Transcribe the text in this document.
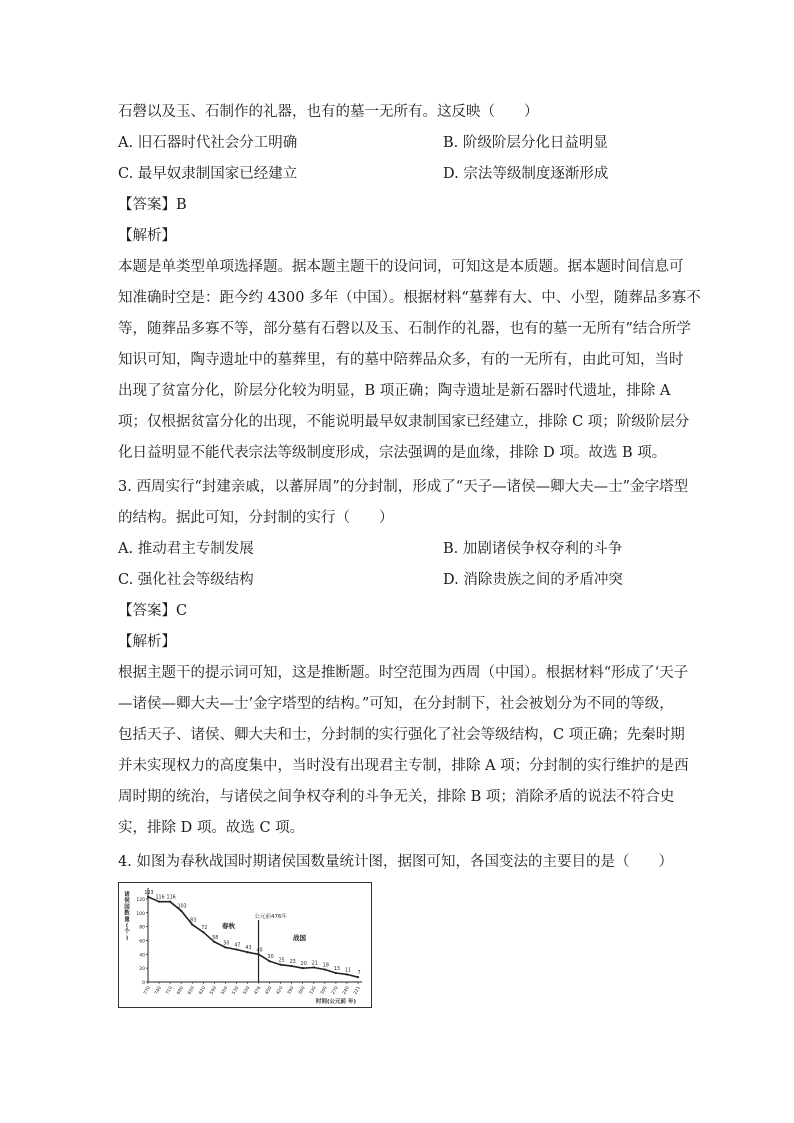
石磬以及玉、石制作的礼器，也有的墓一无所有。这反映（　　）
A. 旧石器时代社会分工明确	B. 阶级阶层分化日益明显
C. 最早奴隶制国家已经建立	D. 宗法等级制度逐渐形成
【答案】B
【解析】
本题是单类型单项选择题。据本题主题干的设问词，可知这是本质题。据本题时间信息可
知准确时空是：距今约 4300 多年（中国）。根据材料“墓葬有大、中、小型，随葬品多寡不
等，随葬品多寡不等，部分墓有石磬以及玉、石制作的礼器，也有的墓一无所有”结合所学
知识可知，陶寺遗址中的墓葬里，有的墓中陪葬品众多，有的一无所有，由此可知，当时
出现了贫富分化，阶层分化较为明显，B 项正确；陶寺遗址是新石器时代遗址，排除 A
项；仅根据贫富分化的出现，不能说明最早奴隶制国家已经建立，排除 C 项；阶级阶层分
化日益明显不能代表宗法等级制度形成，宗法强调的是血缘，排除 D 项。故选 B 项。
3. 西周实行“封建亲戚，以蕃屏周”的分封制，形成了“天子—诸侯—卿大夫—士”金字塔型
的结构。据此可知，分封制的实行（　　）
A. 推动君主专制发展	B. 加剧诸侯争权夺利的斗争
C. 强化社会等级结构	D. 消除贵族之间的矛盾冲突
【答案】C
【解析】
根据主题干的提示词可知，这是推断题。时空范围为西周（中国）。根据材料“形成了‘天子
—诸侯—卿大夫—士’金字塔型的结构。”可知，在分封制下，社会被划分为不同的等级，
包括天子、诸侯、卿大夫和士，分封制的实行强化了社会等级结构，C 项正确；先秦时期
并未实现权力的高度集中，当时没有出现君主专制，排除 A 项；分封制的实行维护的是西
周时期的统治，与诸侯之间争权夺利的斗争无关，排除 B 项；消除矛盾的说法不符合史
实，排除 D 项。故选 C 项。
4. 如图为春秋战国时期诸侯国数量统计图，据图可知，各国变法的主要目的是（　　）
0
20
40
60
80
100
120
诸
侯
国
数
量
(
个
)
770 740 710 680 650 620 590 560 530 500 476 450 420 390 360 330 300 270 240 221
时间(公元前 年)
公元前476年
春秋
战国
123
116 116
103
83
72
58
50 47
43 40
30
25 23 20 21 18
13 11
7
